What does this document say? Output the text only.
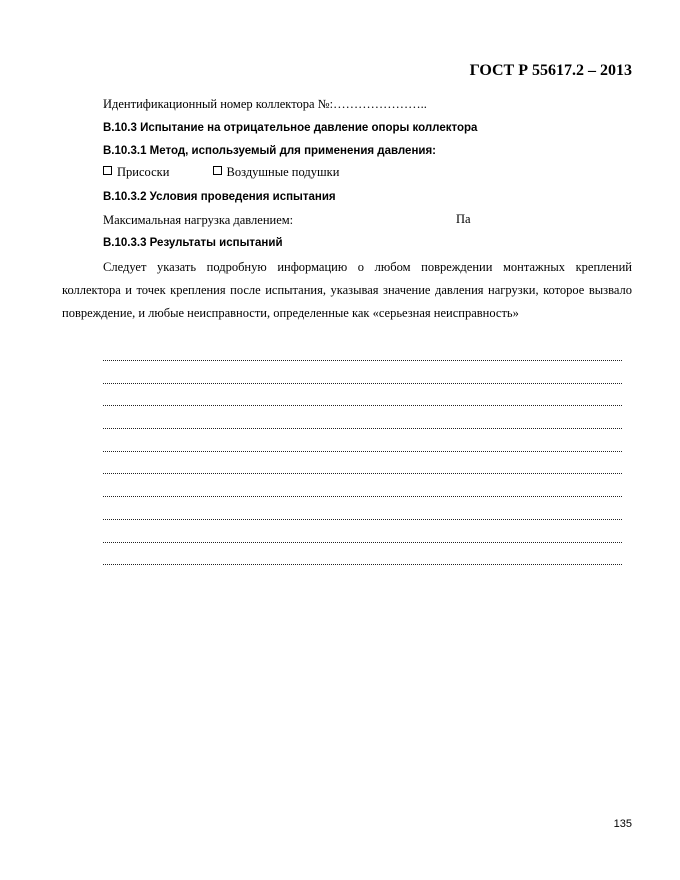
ГОСТ Р 55617.2 – 2013
Идентификационный номер коллектора №:…………………..
В.10.3 Испытание на отрицательное давление опоры коллектора
В.10.3.1 Метод, используемый для применения давления:
Присоски	Воздушные подушки
В.10.3.2 Условия проведения испытания
Максимальная нагрузка давлением:	Па
В.10.3.3 Результаты испытаний
Следует указать подробную информацию о любом повреждении монтажных креплений коллектора и точек крепления после испытания, указывая значение давления нагрузки, которое вызвало повреждение, и любые неисправности, определенные как «серьезная неисправность»
135
